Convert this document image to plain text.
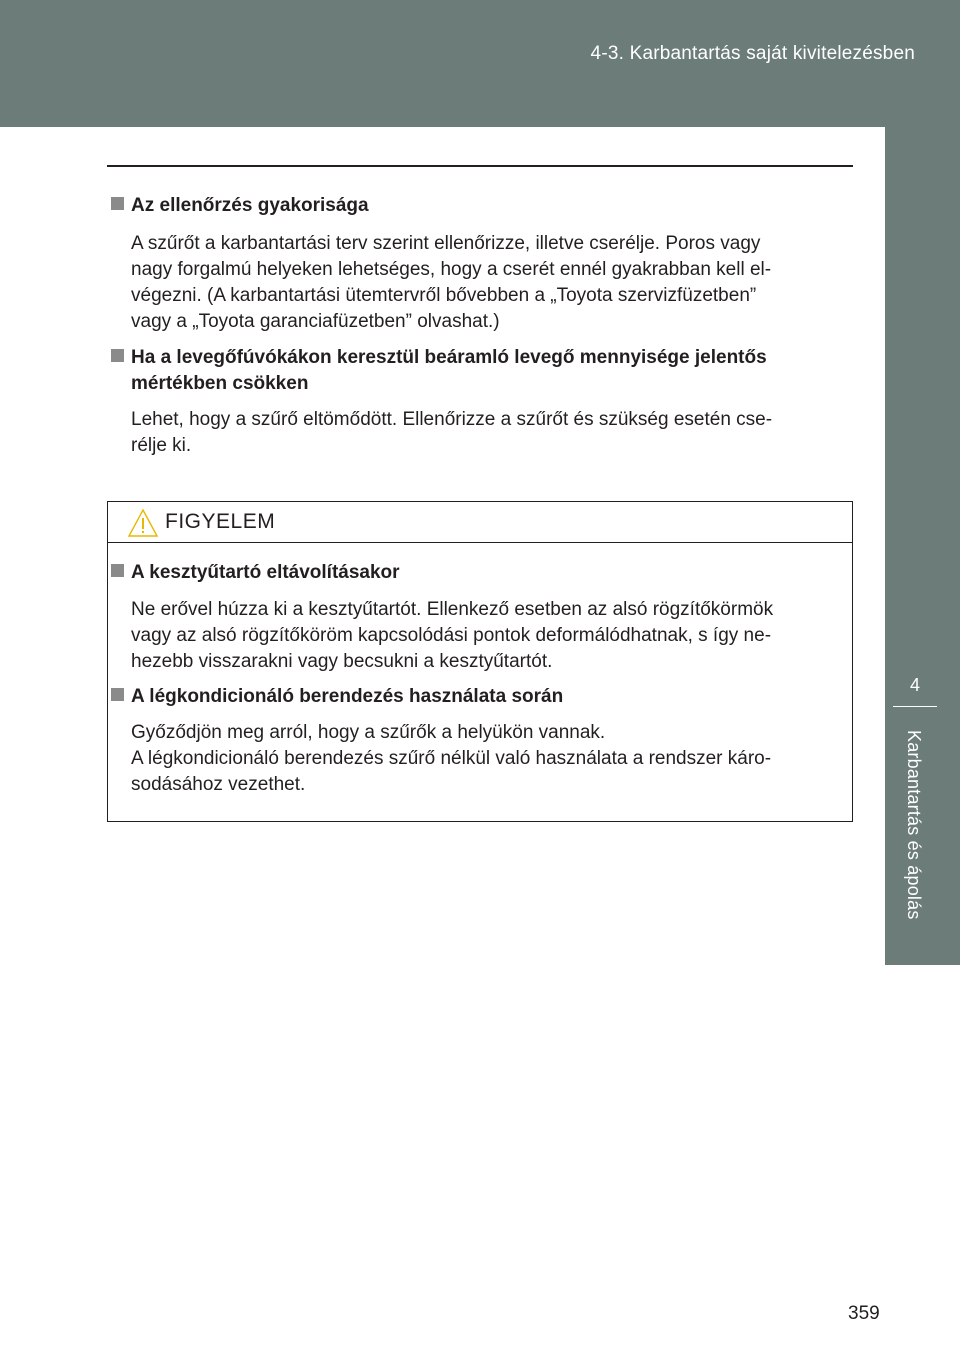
4-3. Karbantartás saját kivitelezésben
4
Karbantartás és ápolás
Az ellenőrzés gyakorisága
A szűrőt a karbantartási terv szerint ellenőrizze, illetve cserélje. Poros vagy
nagy forgalmú helyeken lehetséges, hogy a cserét ennél gyakrabban kell el-
végezni. (A karbantartási ütemtervről bővebben a „Toyota szervizfüzetben”
vagy a „Toyota garanciafüzetben” olvashat.)
Ha a levegőfúvókákon keresztül beáramló levegő mennyisége jelentős
mértékben csökken
Lehet, hogy a szűrő eltömődött. Ellenőrizze a szűrőt és szükség esetén cse-
rélje ki.
FIGYELEM
A kesztyűtartó eltávolításakor
Ne erővel húzza ki a kesztyűtartót. Ellenkező esetben az alsó rögzítőkörmök
vagy az alsó rögzítőköröm kapcsolódási pontok deformálódhatnak, s így ne-
hezebb visszarakni vagy becsukni a kesztyűtartót.
A légkondicionáló berendezés használata során
Győződjön meg arról, hogy a szűrők a helyükön vannak.
A légkondicionáló berendezés szűrő nélkül való használata a rendszer káro-
sodásához vezethet.
359
